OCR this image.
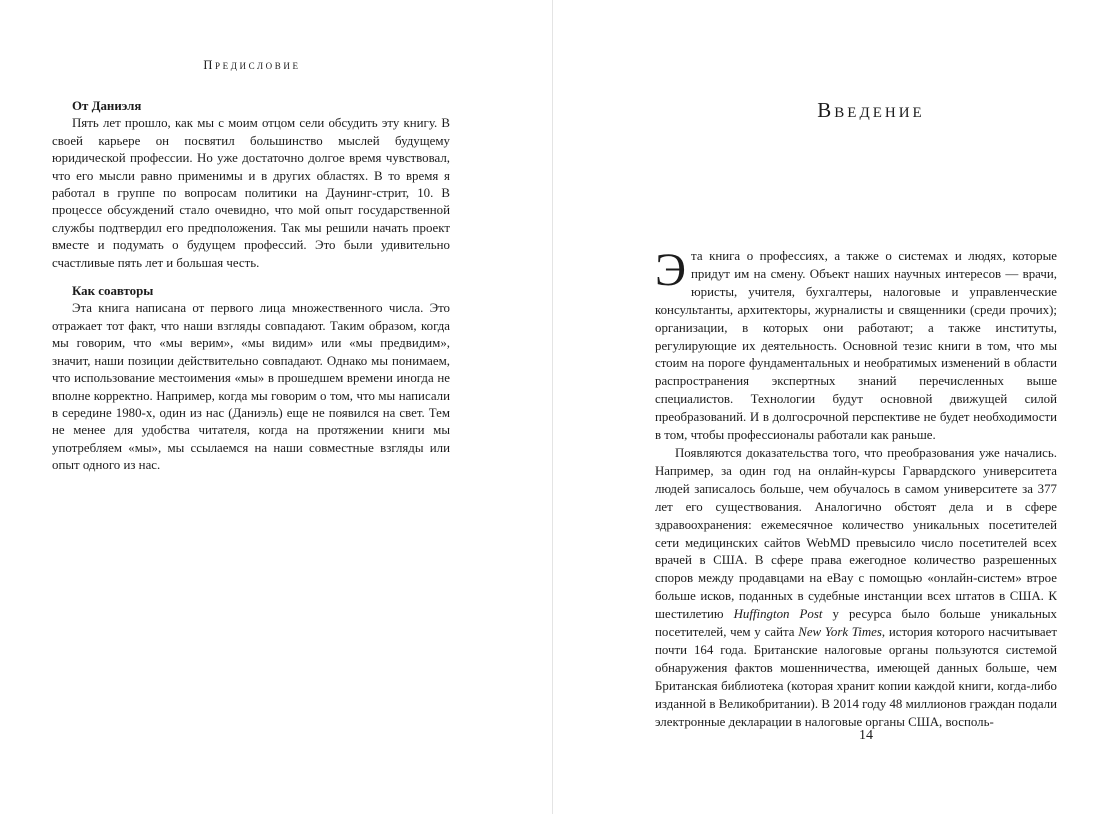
Предисловие
От Даниэля

Пять лет прошло, как мы с моим отцом сели обсудить эту книгу. В своей карьере он посвятил большинство мыслей будущему юридической профессии. Но уже достаточно долгое время чувствовал, что его мысли равно применимы и в других областях. В то время я работал в группе по вопросам политики на Даунинг-стрит, 10. В процессе обсуждений стало очевидно, что мой опыт государственной службы подтвердил его предположения. Так мы решили начать проект вместе и подумать о будущем профессий. Это были удивительно счастливые пять лет и большая честь.

Как соавторы

Эта книга написана от первого лица множественного числа. Это отражает тот факт, что наши взгляды совпадают. Таким образом, когда мы говорим, что «мы верим», «мы видим» или «мы предвидим», значит, наши позиции действительно совпадают. Однако мы понимаем, что использование местоимения «мы» в прошедшем времени иногда не вполне корректно. Например, когда мы говорим о том, что мы написали в середине 1980-х, один из нас (Даниэль) еще не появился на свет. Тем не менее для удобства читателя, когда на протяжении книги мы употребляем «мы», мы ссылаемся на наши совместные взгляды или опыт одного из нас.

Введение

Эта книга о профессиях, а также о системах и людях, которые придут им на смену. Объект наших научных интересов — врачи, юристы, учителя, бухгалтеры, налоговые и управленческие консультанты, архитекторы, журналисты и священники (среди прочих); организации, в которых они работают; а также институты, регулирующие их деятельность. Основной тезис книги в том, что мы стоим на пороге фундаментальных и необратимых изменений в области распространения экспертных знаний перечисленных выше специалистов. Технологии будут основной движущей силой преобразований. И в долгосрочной перспективе не будет необходимости в том, чтобы профессионалы работали как раньше.

Появляются доказательства того, что преобразования уже начались. Например, за один год на онлайн-курсы Гарвардского университета людей записалось больше, чем обучалось в самом университете за 377 лет его существования. Аналогично обстоят дела и в сфере здравоохранения: ежемесячное количество уникальных посетителей сети медицинских сайтов WebMD превысило число посетителей всех врачей в США. В сфере права ежегодное количество разрешенных споров между продавцами на eBay с помощью «онлайн-систем» втрое больше исков, поданных в судебные инстанции всех штатов в США. К шестилетию Huffington Post у ресурса было больше уникальных посетителей, чем у сайта New York Times, история которого насчитывает почти 164 года. Британские налоговые органы пользуются системой обнаружения фактов мошенничества, имеющей данных больше, чем Британская библиотека (которая хранит копии каждой книги, когда-либо изданной в Великобритании). В 2014 году 48 миллионов граждан подали электронные декларации в налоговые органы США, восполь-

14
